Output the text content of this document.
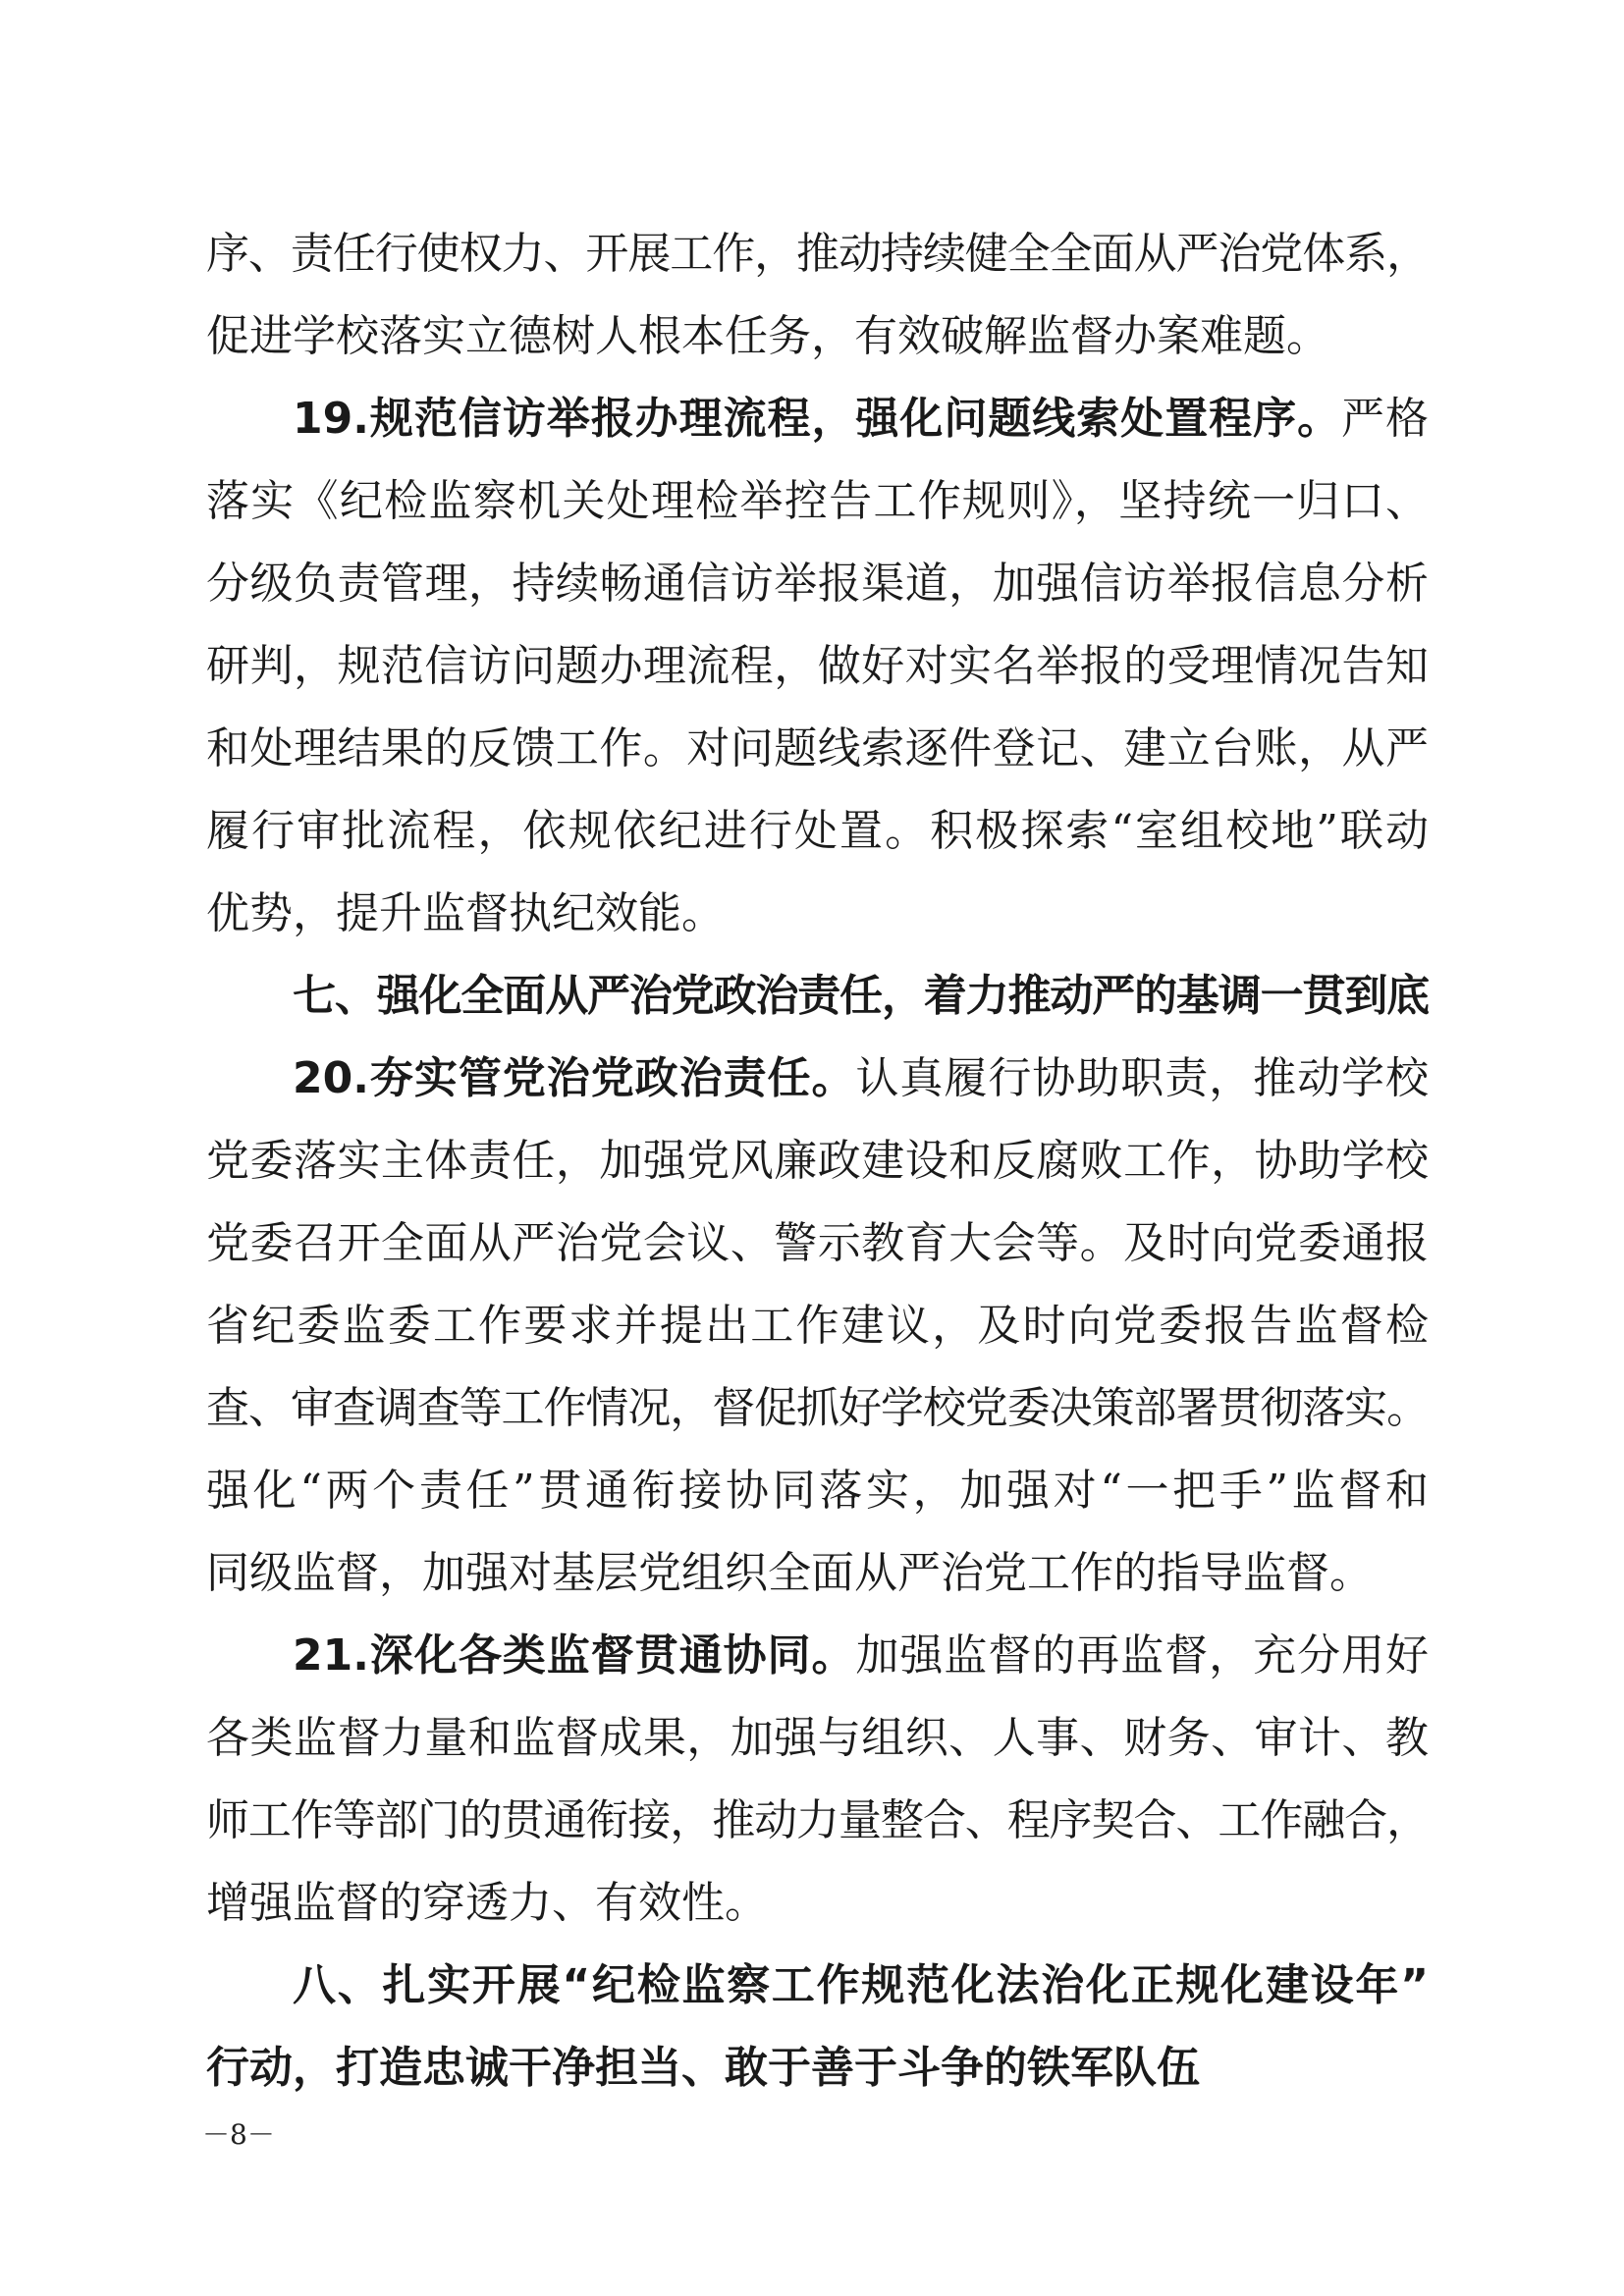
序、责任行使权力、开展工作，推动持续健全全面从严治党体系，
促进学校落实立德树人根本任务，有效破解监督办案难题。
19.规范信访举报办理流程，强化问题线索处置程序。严格
落实《纪检监察机关处理检举控告工作规则》，坚持统一归口、
分级负责管理，持续畅通信访举报渠道，加强信访举报信息分析
研判，规范信访问题办理流程，做好对实名举报的受理情况告知
和处理结果的反馈工作。对问题线索逐件登记、建立台账，从严
履行审批流程，依规依纪进行处置。积极探索“室组校地”联动
优势，提升监督执纪效能。
七、强化全面从严治党政治责任，着力推动严的基调一贯到底
20.夯实管党治党政治责任。认真履行协助职责，推动学校
党委落实主体责任，加强党风廉政建设和反腐败工作，协助学校
党委召开全面从严治党会议、警示教育大会等。及时向党委通报
省纪委监委工作要求并提出工作建议，及时向党委报告监督检
查、审查调查等工作情况，督促抓好学校党委决策部署贯彻落实。
强化“两个责任”贯通衔接协同落实，加强对“一把手”监督和
同级监督，加强对基层党组织全面从严治党工作的指导监督。
21.深化各类监督贯通协同。加强监督的再监督，充分用好
各类监督力量和监督成果，加强与组织、人事、财务、审计、教
师工作等部门的贯通衔接，推动力量整合、程序契合、工作融合，
增强监督的穿透力、有效性。
八、扎实开展“纪检监察工作规范化法治化正规化建设年”
行动，打造忠诚干净担当、敢于善于斗争的铁军队伍
－8－
